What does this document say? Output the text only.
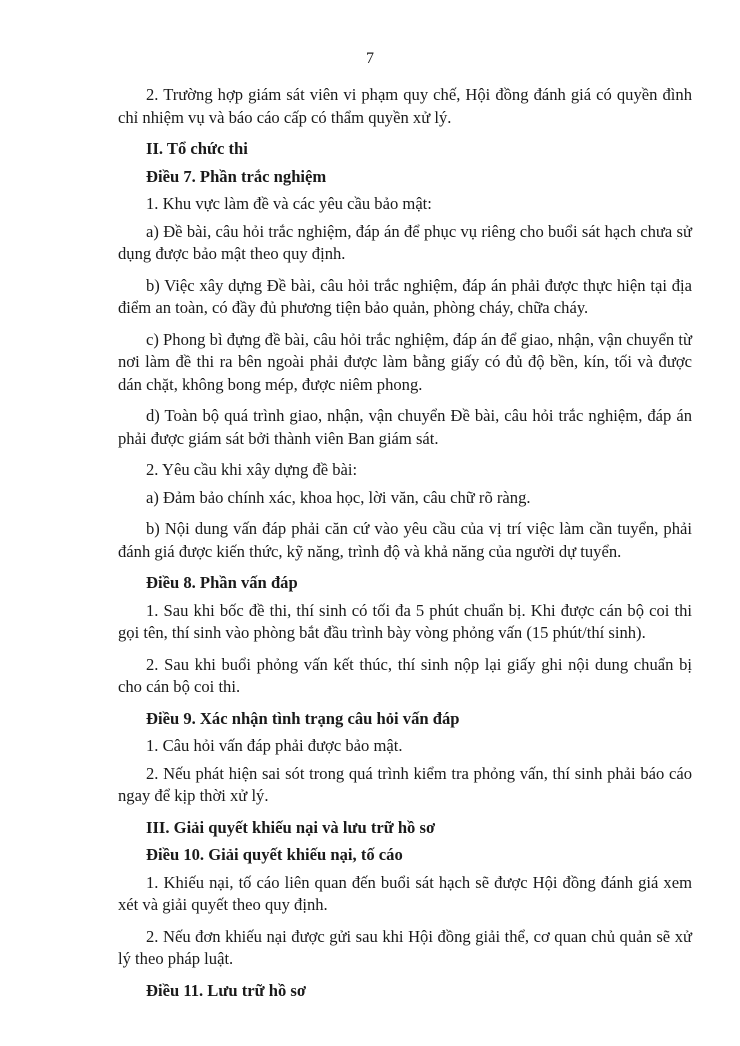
7

2. Trường hợp giám sát viên vi phạm quy chế, Hội đồng đánh giá có quyền đình chỉ nhiệm vụ và báo cáo cấp có thẩm quyền xử lý.

II. Tổ chức thi

Điều 7. Phần trắc nghiệm

1. Khu vực làm đề và các yêu cầu bảo mật:

a) Đề bài, câu hỏi trắc nghiệm, đáp án để phục vụ riêng cho buổi sát hạch chưa sử dụng được bảo mật theo quy định.

b) Việc xây dựng Đề bài, câu hỏi trắc nghiệm, đáp án phải được thực hiện tại địa điểm an toàn, có đầy đủ phương tiện bảo quản, phòng cháy, chữa cháy.

c) Phong bì đựng đề bài, câu hỏi trắc nghiệm, đáp án để giao, nhận, vận chuyển từ nơi làm đề thi ra bên ngoài phải được làm bằng giấy có đủ độ bền, kín, tối và được dán chặt, không bong mép, được niêm phong.

d) Toàn bộ quá trình giao, nhận, vận chuyển Đề bài, câu hỏi trắc nghiệm, đáp án phải được giám sát bởi thành viên Ban giám sát.

2. Yêu cầu khi xây dựng đề bài:

a) Đảm bảo chính xác, khoa học, lời văn, câu chữ rõ ràng.

b) Nội dung vấn đáp phải căn cứ vào yêu cầu của vị trí việc làm cần tuyển, phải đánh giá được kiến thức, kỹ năng, trình độ và khả năng của người dự tuyển.

Điều 8. Phần vấn đáp

1. Sau khi bốc đề thi, thí sinh có tối đa 5 phút chuẩn bị. Khi được cán bộ coi thi gọi tên, thí sinh vào phòng bắt đầu trình bày vòng phỏng vấn (15 phút/thí sinh).

2. Sau khi buổi phỏng vấn kết thúc, thí sinh nộp lại giấy ghi nội dung chuẩn bị cho cán bộ coi thi.

Điều 9. Xác nhận tình trạng câu hỏi vấn đáp

1. Câu hỏi vấn đáp phải được bảo mật.

2. Nếu phát hiện sai sót trong quá trình kiểm tra phỏng vấn, thí sinh phải báo cáo ngay để kịp thời xử lý.

III. Giải quyết khiếu nại và lưu trữ hồ sơ

Điều 10. Giải quyết khiếu nại, tố cáo

1. Khiếu nại, tố cáo liên quan đến buổi sát hạch sẽ được Hội đồng đánh giá xem xét và giải quyết theo quy định.

2. Nếu đơn khiếu nại được gửi sau khi Hội đồng giải thể, cơ quan chủ quản sẽ xử lý theo pháp luật.

Điều 11. Lưu trữ hồ sơ
